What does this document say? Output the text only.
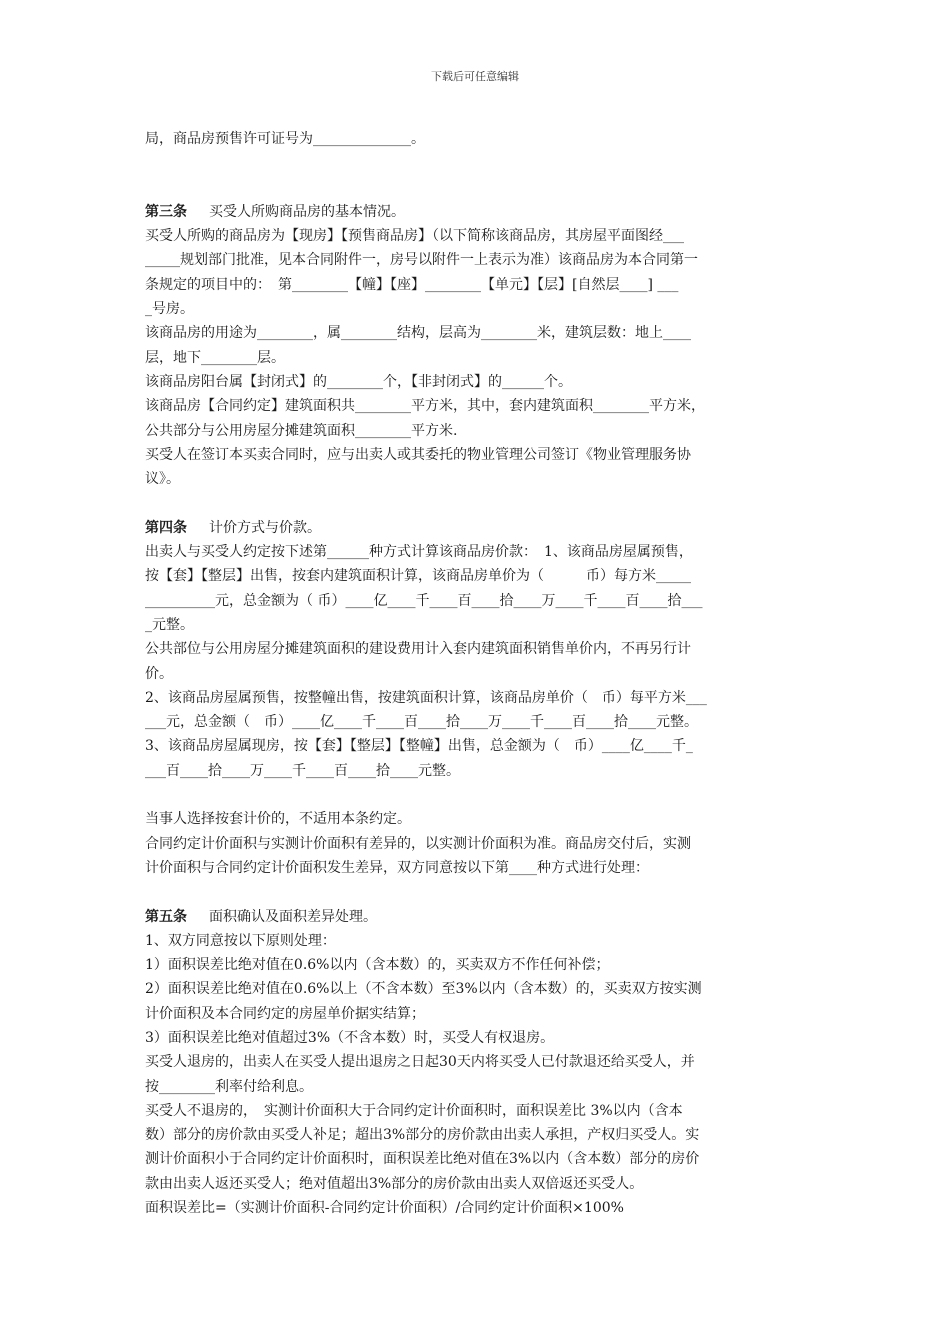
下载后可任意编辑

局，商品房预售许可证号为______________。

第三条 买受人所购商品房的基本情况。

买受人所购的商品房为【现房】【预售商品房】（以下简称该商品房，其房屋平面图经___

_____规划部门批准，见本合同附件一，房号以附件一上表示为准）该商品房为本合同第一

条规定的项目中的：　第________【幢】【座】________【单元】【层】[自然层____] ___

_号房。

该商品房的用途为________，属________结构，层高为________米，建筑层数：地上____

层，地下________层。

该商品房阳台属【封闭式】的________个，【非封闭式】的______个。

该商品房【合同约定】建筑面积共________平方米，其中，套内建筑面积________平方米，

公共部分与公用房屋分摊建筑面积________平方米.

买受人在签订本买卖合同时，应与出卖人或其委托的物业管理公司签订《物业管理服务协

议》。

第四条 计价方式与价款。

出卖人与买受人约定按下述第______种方式计算该商品房价款：　1、该商品房屋属预售，

按【套】【整层】出售，按套内建筑面积计算，该商品房单价为（　　　币）每方米_____

__________元，总金额为（ 币）____亿____千____百____拾____万____千____百____拾___

_元整。

公共部位与公用房屋分摊建筑面积的建设费用计入套内建筑面积销售单价内，不再另行计

价。

2、该商品房屋属预售，按整幢出售，按建筑面积计算，该商品房单价（　币）每平方米___

___元，总金额（　币）____亿____千____百____拾____万____千____百____拾____元整。

3、该商品房屋属现房，按【套】【整层】【整幢】出售，总金额为（　币）____亿____千_

___百____拾____万____千____百____拾____元整。

当事人选择按套计价的，不适用本条约定。

合同约定计价面积与实测计价面积有差异的，以实测计价面积为准。商品房交付后，实测

计价面积与合同约定计价面积发生差异，双方同意按以下第____种方式进行处理：

第五条 面积确认及面积差异处理。

1、双方同意按以下原则处理：

1）面积误差比绝对值在0.6%以内（含本数）的，买卖双方不作任何补偿；

2）面积误差比绝对值在0.6%以上（不含本数）至3%以内（含本数）的，买卖双方按实测

计价面积及本合同约定的房屋单价据实结算；

3）面积误差比绝对值超过3%（不含本数）时，买受人有权退房。

买受人退房的，出卖人在买受人提出退房之日起30天内将买受人已付款退还给买受人，并

按________利率付给利息。

买受人不退房的，　实测计价面积大于合同约定计价面积时，面积误差比 3%以内（含本

数）部分的房价款由买受人补足；超出3%部分的房价款由出卖人承担，产权归买受人。实

测计价面积小于合同约定计价面积时，面积误差比绝对值在3%以内（含本数）部分的房价

款由出卖人返还买受人；绝对值超出3%部分的房价款由出卖人双倍返还买受人。

面积误差比=（实测计价面积-合同约定计价面积）/合同约定计价面积×100%
